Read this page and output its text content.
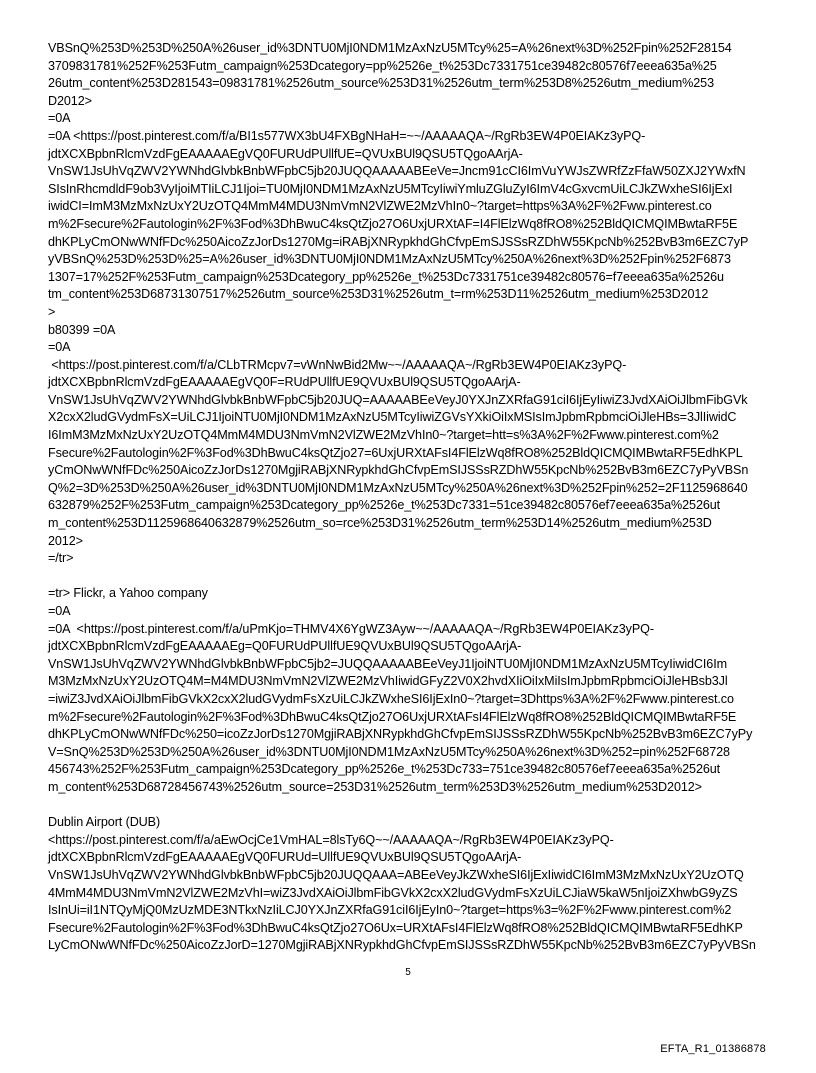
VBSnQ%253D%253D%250A%26user_id%3DNTU0MjI0NDM1MzAxNzU5MTcy%25=A%26next%3D%252Fpin%252F28154
3709831781%252F%253Futm_campaign%253Dcategory=pp%2526e_t%253Dc7331751ce39482c80576f7eeea635a%25
26utm_content%253D281543=09831781%2526utm_source%253D31%2526utm_term%253D8%2526utm_medium%253
D2012>
=0A
=0A <https://post.pinterest.com/f/a/BI1s577WX3bU4FXBgNHaH=~~/AAAAAQA~/RgRb3EW4P0EIAKz3yPQ-
jdtXCXBpbnRlcmVzdFgEAAAAAEgVQ0FURUdPUllfUE=QVUxBUl9QSU5TQgoAArjA-
VnSW1JsUhVqZWV2YWNhdGlvbkBnbWFpbC5jb20JUQQAAAAABEeVe=Jncm91cCI6ImVuYWJsZWRfZzFfaW50ZXJ2YWxfN
SIsInRhcmdldF9ob3VyIjoiMTIiLCJ1Ijoi=TU0MjI0NDM1MzAxNzU5MTcyIiwiYmluZGluZyI6ImV4cGxvcmUiLCJkZWxheSI6IjExI
iwidCI=ImM3MzMxNzUxY2UzOTQ4MmM4MDU3NmVmN2VlZWE2MzVhIn0~?target=https%3A%2F%2Fww.pinterest.co
m%2Fsecure%2Fautologin%2F%3Fod%3DhBwuC4ksQtZjo27O6UxjURXtAF=I4FlElzWq8fRO8%252BldQICMQIMBwtaRF5E
dhKPLyCmONwWNfFDc%250AicoZzJorDs1270Mg=iRABjXNRypkhdGhCfvpEmSJSSsRZDhW55KpcNb%252BvB3m6EZC7yP
yVBSnQ%253D%253D%25=A%26user_id%3DNTU0MjI0NDM1MzAxNzU5MTcy%250A%26next%3D%252Fpin%252F6873
1307=17%252F%253Futm_campaign%253Dcategory_pp%2526e_t%253Dc7331751ce39482c80576=f7eeea635a%2526u
tm_content%253D68731307517%2526utm_source%253D31%2526utm_t=rm%253D11%2526utm_medium%253D2012
>
b80399 =0A
=0A
<https://post.pinterest.com/f/a/CLbTRMcpv7=vWnNwBid2Mw~~/AAAAAQA~/RgRb3EW4P0EIAKz3yPQ-
jdtXCXBpbnRlcmVzdFgEAAAAAEgVQ0F=RUdPUllfUE9QVUxBUl9QSU5TQgoAArjA-
VnSW1JsUhVqZWV2YWNhdGlvbkBnbWFpbC5jb20JUQ=AAAAABEeVeyJ0YXJnZXRfaG91ciI6IjEyIiwiZ3JvdXAiOiJlbmFibGVk
X2cxX2ludGVydmFsX=UiLCJ1IjoiNTU0MjI0NDM1MzAxNzU5MTcyIiwiZGVsYXkiOiIxMSIsImJpbmRpbmciOiJleHBs=3JlIiwidC
I6ImM3MzMxNzUxY2UzOTQ4MmM4MDU3NmVmN2VlZWE2MzVhIn0~?target=htt=s%3A%2F%2Fwww.pinterest.com%2
Fsecure%2Fautologin%2F%3Fod%3DhBwuC4ksQtZjo27=6UxjURXtAFsI4FlElzWq8fRO8%252BldQICMQIMBwtaRF5EdhKPL
yCmONwWNfFDc%250AicoZzJorDs1270MgjiRABjXNRypkhdGhCfvpEmSIJSSsRZDhW55KpcNb%252BvB3m6EZC7yPyVBSn
Q%2=3D%253D%250A%26user_id%3DNTU0MjI0NDM1MzAxNzU5MTcy%250A%26next%3D%252Fpin%252=2F1125968640
632879%252F%253Futm_campaign%253Dcategory_pp%2526e_t%253Dc7331=51ce39482c80576ef7eeea635a%2526ut
m_content%253D1125968640632879%2526utm_so=rce%253D31%2526utm_term%253D14%2526utm_medium%253D
2012>
=/tr>
=tr> Flickr, a Yahoo company
=0A
=0A  <https://post.pinterest.com/f/a/uPmKjo=THMV4X6YgWZ3Ayw~~/AAAAAQA~/RgRb3EW4P0EIAKz3yPQ-
jdtXCXBpbnRlcmVzdFgEAAAAAEg=Q0FURUdPUllfUE9QVUxBUl9QSU5TQgoAArjA-
VnSW1JsUhVqZWV2YWNhdGlvbkBnbWFpbC5jb2=JUQQAAAAABEeVeyJ1IjoiNTU0MjI0NDM1MzAxNzU5MTcyIiwidCI6Im
M3MzMxNzUxY2UzOTQ4M=M4MDU3NmVmN2VlZWE2MzVhIiwidGFyZ2V0X2hvdXIiOiIxMiIsImJpbmRpbmciOiJleHBsb3Jl
=iwiZ3JvdXAiOiJlbmFibGVkX2cxX2ludGVydmFsXzUiLCJkZWxheSI6IjExIn0~?target=3Dhttps%3A%2F%2Fwww.pinterest.co
m%2Fsecure%2Fautologin%2F%3Fod%3DhBwuC4ksQtZjo27O6UxjURXtAFsI4FlElzWq8fRO8%252BldQICMQIMBwtaRF5E
dhKPLyCmONwWNfFDc%250=icoZzJorDs1270MgjiRABjXNRypkhdGhCfvpEmSIJSSsRZDhW55KpcNb%252BvB3m6EZC7yPy
V=SnQ%253D%253D%250A%26user_id%3DNTU0MjI0NDM1MzAxNzU5MTcy%250A%26next%3D%252=pin%252F68728
456743%252F%253Futm_campaign%253Dcategory_pp%2526e_t%253Dc733=751ce39482c80576ef7eeea635a%2526ut
m_content%253D68728456743%2526utm_source=253D31%2526utm_term%253D3%2526utm_medium%253D2012>
Dublin Airport (DUB)
<https://post.pinterest.com/f/a/aEwOcjCe1VmHAL=8lsTy6Q~~/AAAAAQA~/RgRb3EW4P0EIAKz3yPQ-
jdtXCXBpbnRlcmVzdFgEAAAAAEgVQ0FURUd=UllfUE9QVUxBUl9QSU5TQgoAArjA-
VnSW1JsUhVqZWV2YWNhdGlvbkBnbWFpbC5jb20JUQQAAA=ABEeVeyJkZWxheSI6IjExIiwidCI6ImM3MzMxNzUxY2UzOTQ
4MmM4MDU3NmVmN2VlZWE2MzVhI=wiZ3JvdXAiOiJlbmFibGVkX2cxX2ludGVydmFsXzUiLCJiaW5kaW5nIjoiZXhwbG9yZS
IsInUi=iI1NTQyMjQ0MzUzMDE3NTkxNzIiLCJ0YXJnZXRfaG91ciI6IjEyIn0~?target=https%3=%2F%2Fwww.pinterest.com%2
Fsecure%2Fautologin%2F%3Fod%3DhBwuC4ksQtZjo27O6Ux=URXtAFsI4FlElzWq8fRO8%252BldQICMQIMBwtaRF5EdhKP
LyCmONwWNfFDc%250AicoZzJorD=1270MgjiRABjXNRypkhdGhCfvpEmSIJSSsRZDhW55KpcNb%252BvB3m6EZC7yPyVBSn
5
EFTA_R1_01386878
